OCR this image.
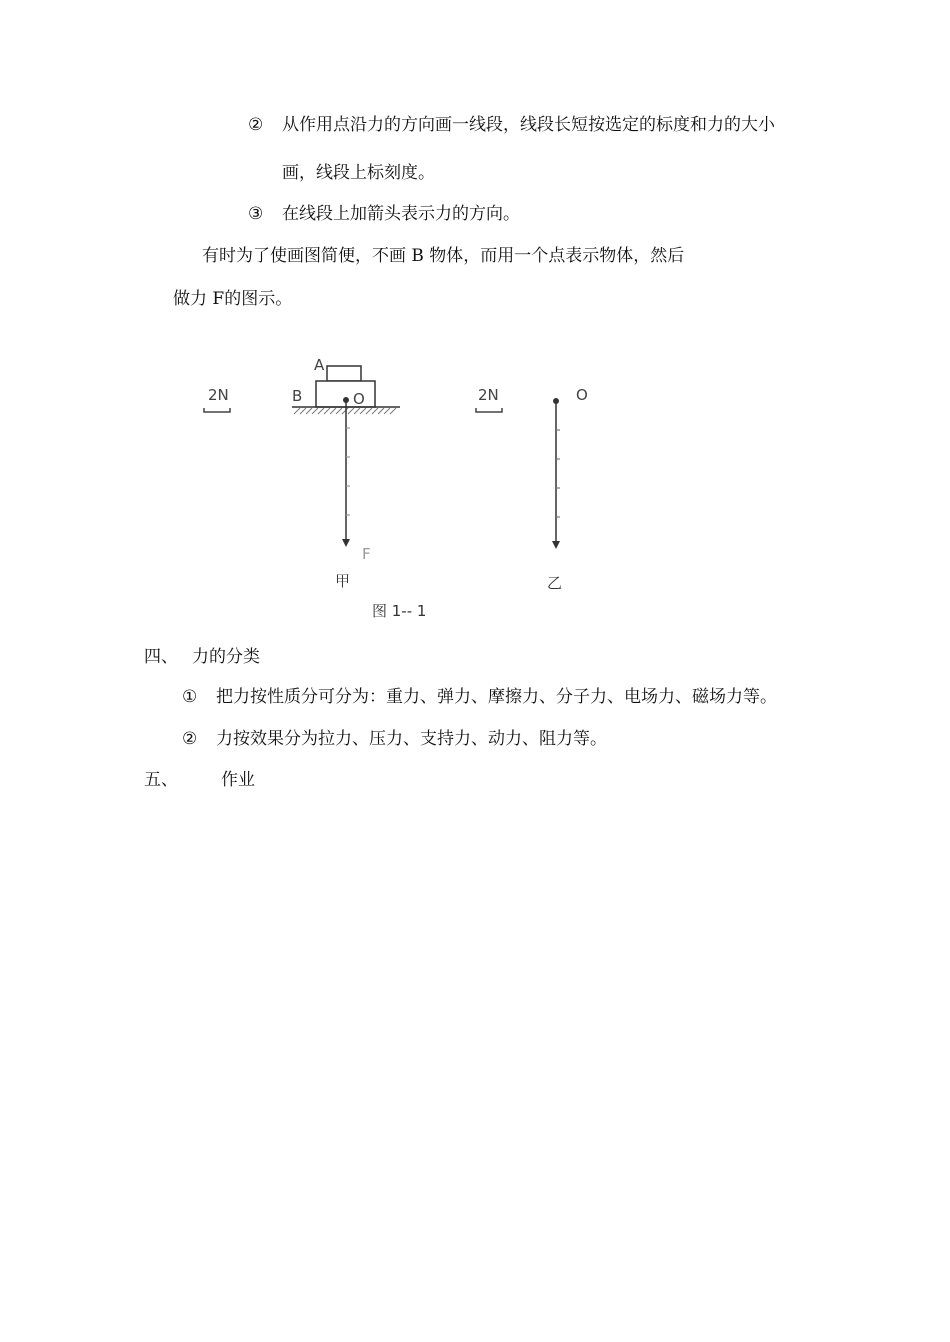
② 从作用点沿力的方向画一线段，线段长短按选定的标度和力的大小
画，线段上标刻度。
③ 在线段上加箭头表示力的方向。
有时为了使画图简便，不画 B 物体，而用一个点表示物体，然后
做力 F的图示。
2N
A
B	O
F
甲
2N	O
乙
图 1-- 1
四、 力的分类
① 把力按性质分可分为：重力、弹力、摩擦力、分子力、电场力、磁场力等。
② 力按效果分为拉力、压力、支持力、动力、阻力等。
五、	作业
